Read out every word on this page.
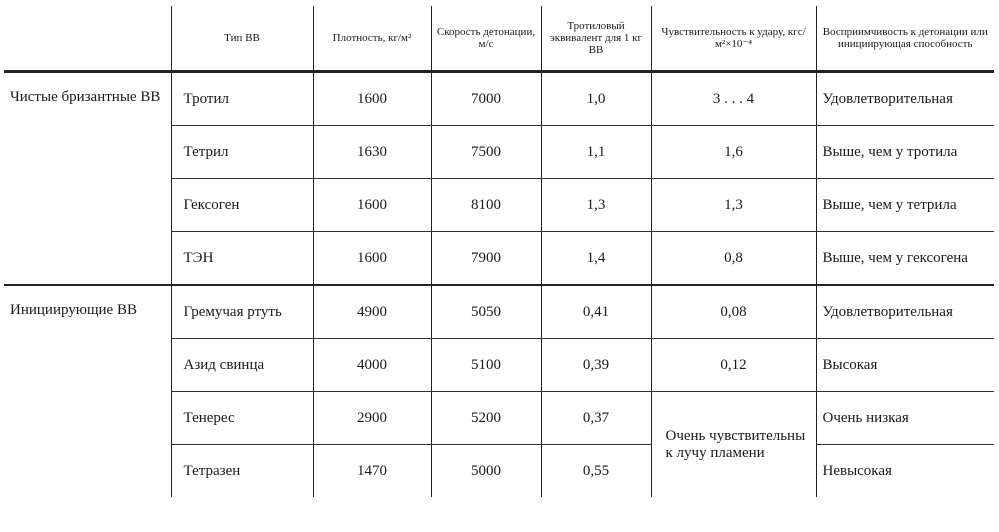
	Тип ВВ	Плотность, кг/м²	Скорость детонации, м/с	Тротиловый эквивалент для 1 кг ВВ	Чувствительность к удару, кгс/м²×10⁻⁴	Восприимчивость к детонации или инициирующая способность
Чистые бризантные ВВ	Тротил	1600	7000	1,0	3 . . . 4	Удовлетворительная
	Тетрил	1630	7500	1,1	1,6	Выше, чем у тротила
	Гексоген	1600	8100	1,3	1,3	Выше, чем у тетрила
	ТЭН	1600	7900	1,4	0,8	Выше, чем у гексогена
Инициирующие ВВ	Гремучая ртуть	4900	5050	0,41	0,08	Удовлетворительная
	Азид свинца	4000	5100	0,39	0,12	Высокая
	Тенерес	2900	5200	0,37	Очень чувствительны к лучу пламени	Очень низкая
	Тетразен	1470	5000	0,55		Невысокая
